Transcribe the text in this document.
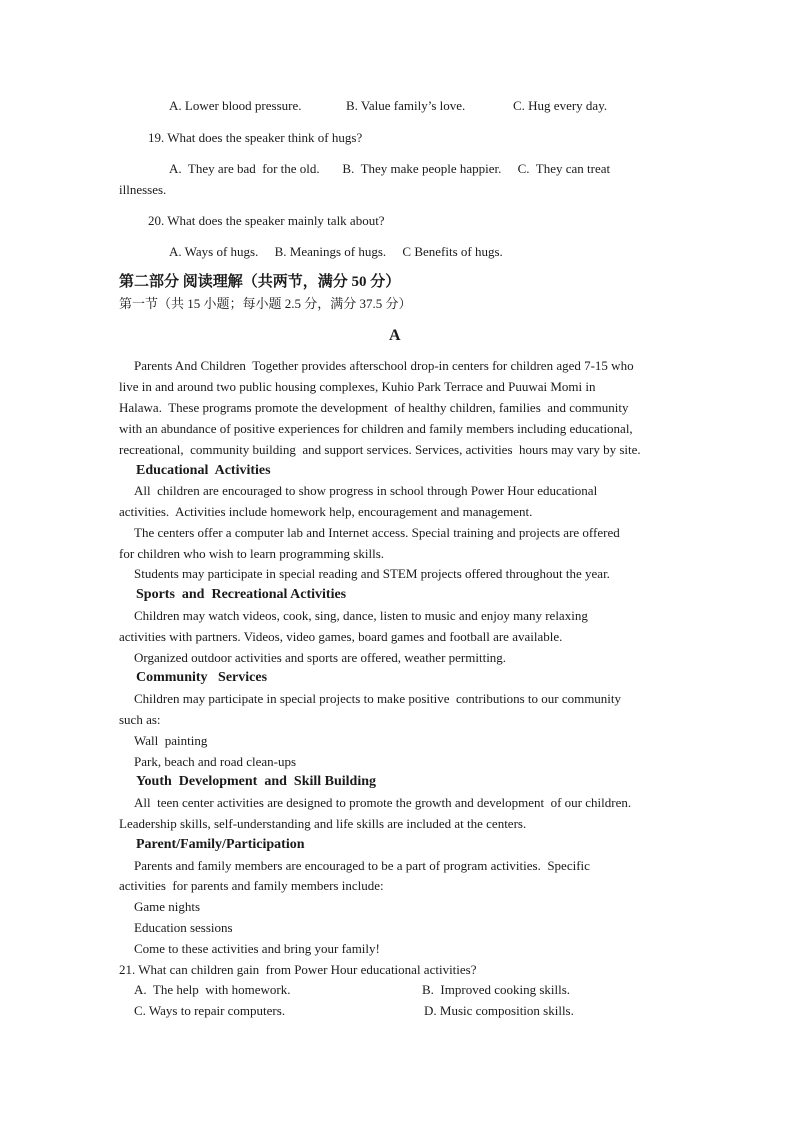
A. Lower blood pressure.	B. Value family’s love.	C. Hug every day.
19. What does the speaker think of hugs?
A.  They are bad  for the old.       B.  They make people happier.     C.  They can treat
illnesses.
20. What does the speaker mainly talk about?
A. Ways of hugs.     B. Meanings of hugs.     C Benefits of hugs.
第二部分 阅读理解（共两节，满分 50 分）
第一节（共 15 小题；每小题 2.5 分，满分 37.5 分）
A
Parents And Children  Together provides afterschool drop-in centers for children aged 7-15 who
live in and around two public housing complexes, Kuhio Park Terrace and Puuwai Momi in
Halawa.  These programs promote the development  of healthy children, families  and community
with an abundance of positive experiences for children and family members including educational,
recreational,  community building  and support services. Services, activities  hours may vary by site.
Educational  Activities
All  children are encouraged to show progress in school through Power Hour educational
activities.  Activities include homework help, encouragement and management.
The centers offer a computer lab and Internet access. Special training and projects are offered
for children who wish to learn programming skills.
Students may participate in special reading and STEM projects offered throughout the year.
Sports  and  Recreational Activities
Children may watch videos, cook, sing, dance, listen to music and enjoy many relaxing
activities with partners. Videos, video games, board games and football are available.
Organized outdoor activities and sports are offered, weather permitting.
Community   Services
Children may participate in special projects to make positive  contributions to our community
such as:
Wall  painting
Park, beach and road clean-ups
Youth  Development  and  Skill Building
All  teen center activities are designed to promote the growth and development  of our children.
Leadership skills, self-understanding and life skills are included at the centers.
Parent/Family/Participation
Parents and family members are encouraged to be a part of program activities.  Specific
activities  for parents and family members include:
Game nights
Education sessions
Come to these activities and bring your family!
21. What can children gain  from Power Hour educational activities?
A.  The help  with homework.	B.  Improved cooking skills.
C. Ways to repair computers.	D. Music composition skills.
